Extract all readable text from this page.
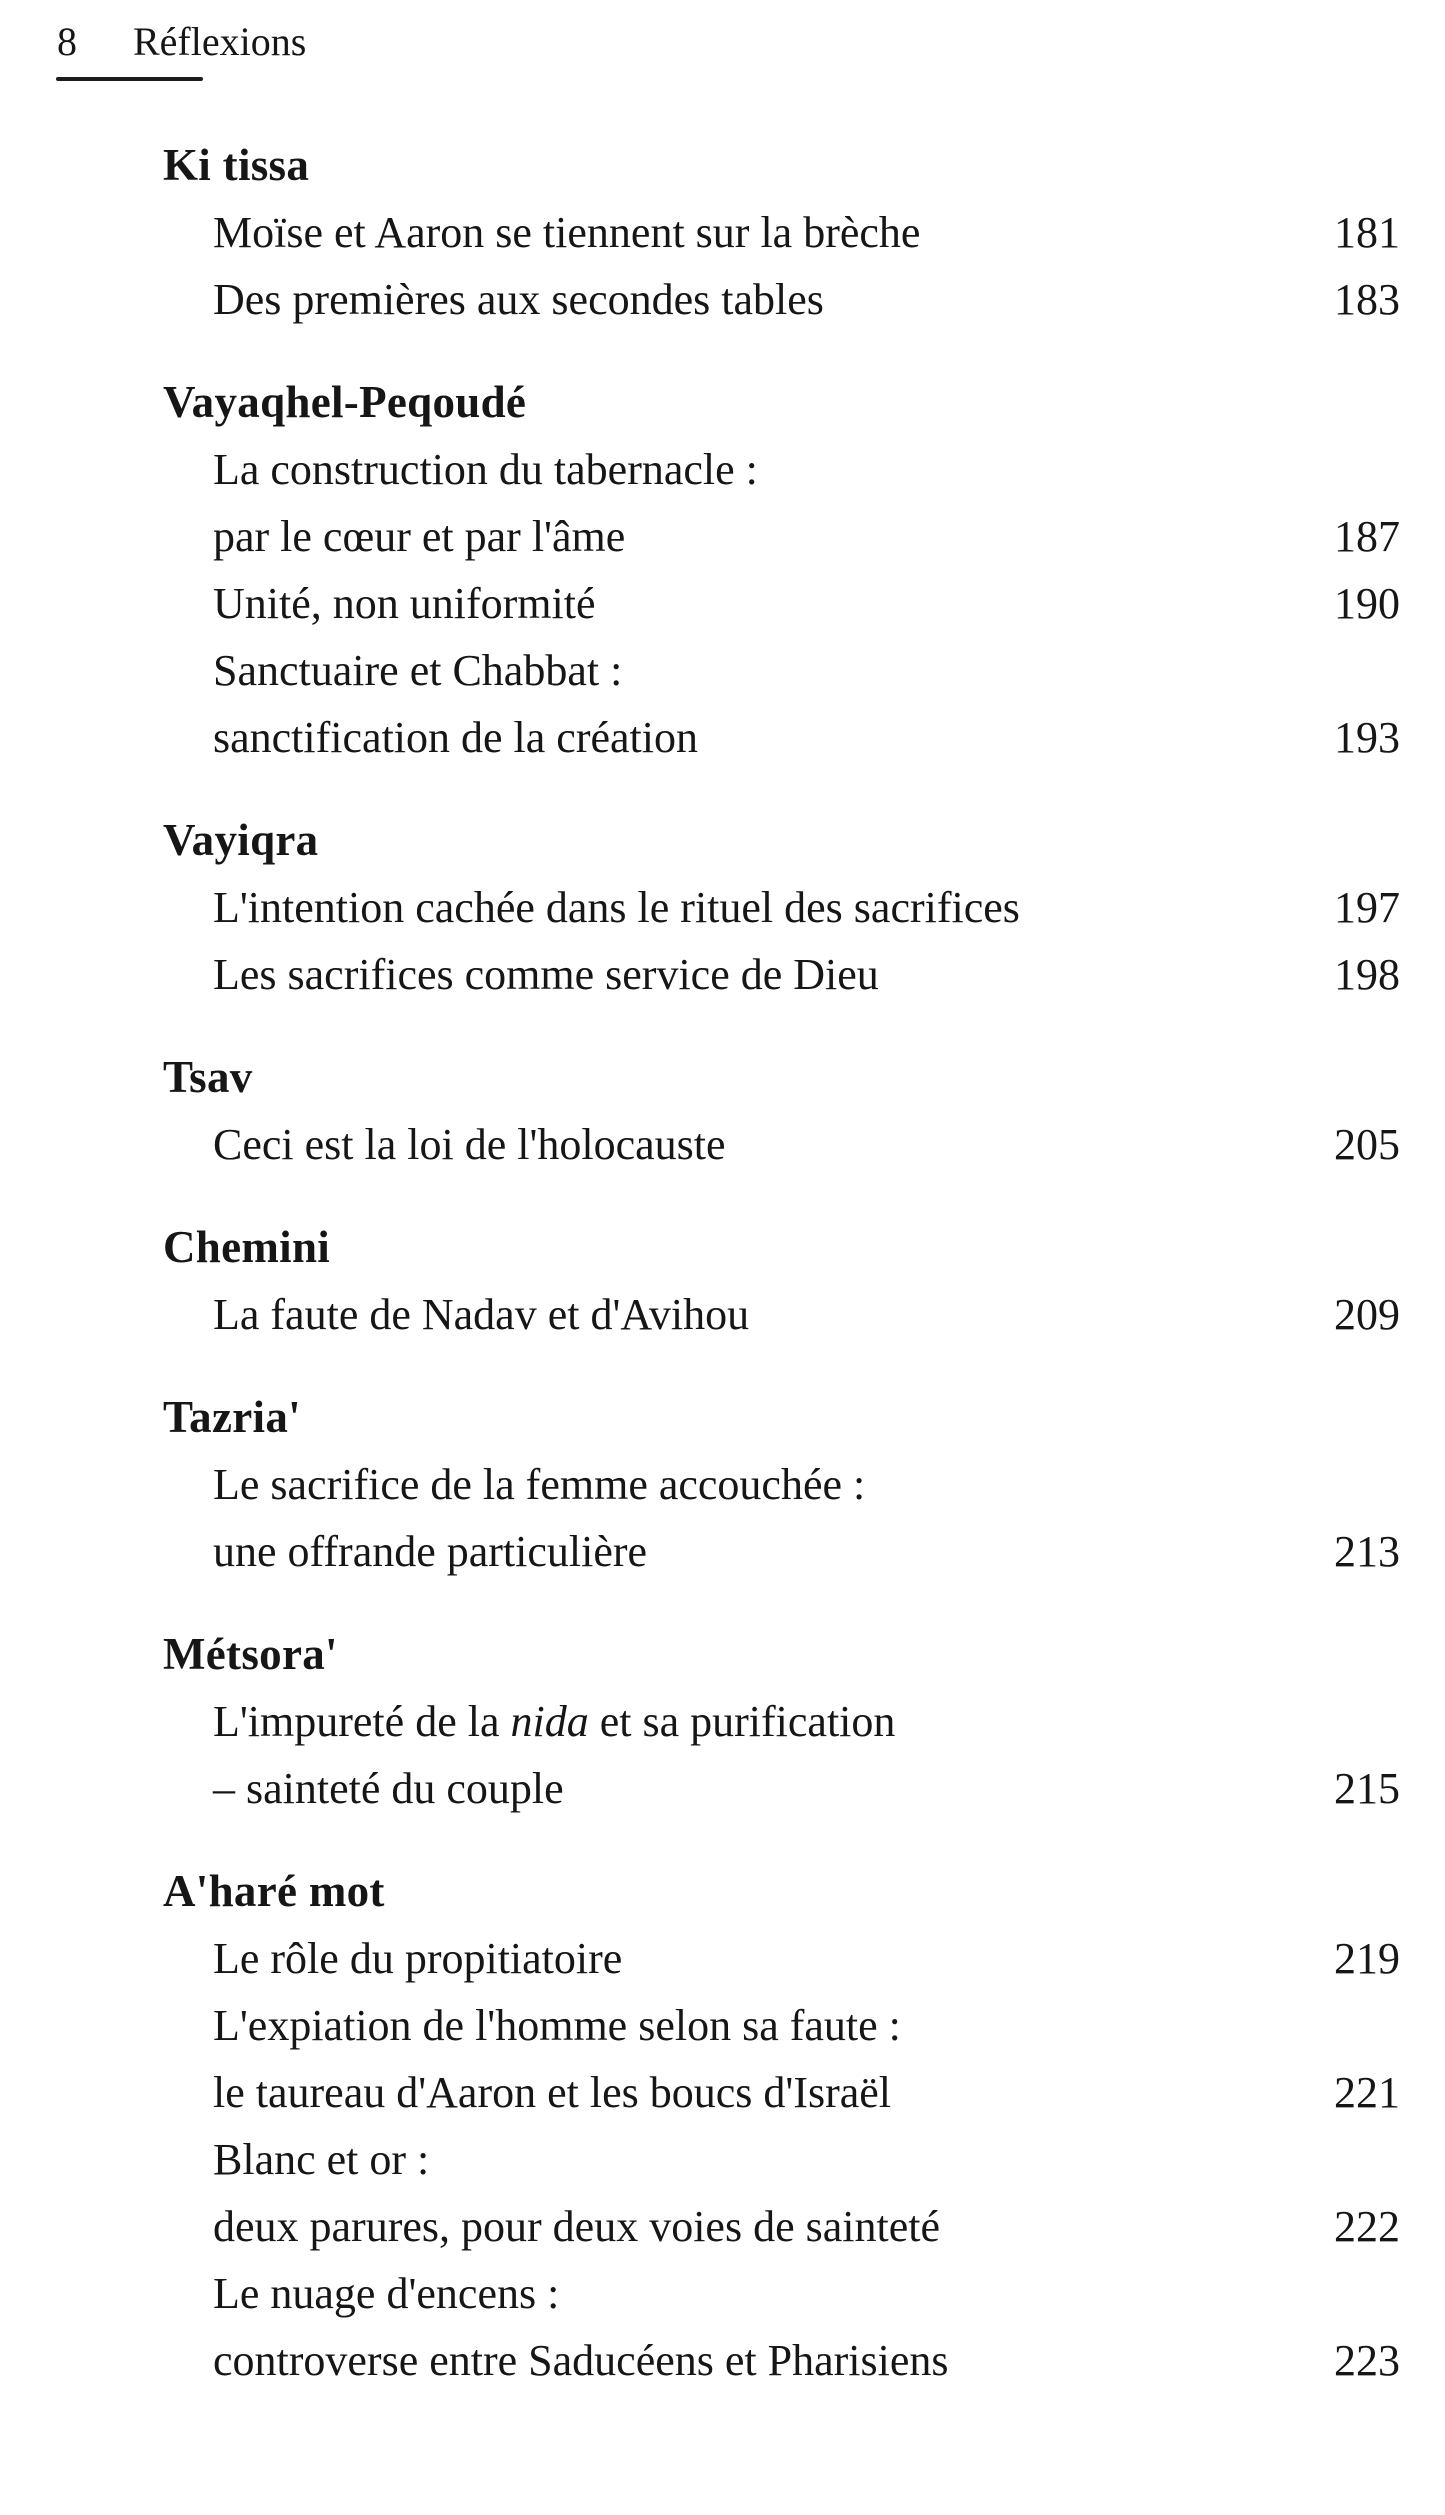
8 Réflexions
Ki tissa
Moïse et Aaron se tiennent sur la brèche	181
Des premières aux secondes tables	183
Vayaqhel-Peqoudé
La construction du tabernacle :
par le cœur et par l'âme	187
Unité, non uniformité	190
Sanctuaire et Chabbat :
sanctification de la création	193
Vayiqra
L'intention cachée dans le rituel des sacrifices	197
Les sacrifices comme service de Dieu	198
Tsav
Ceci est la loi de l'holocauste	205
Chemini
La faute de Nadav et d'Avihou	209
Tazria'
Le sacrifice de la femme accouchée :
une offrande particulière	213
Métsora'
L'impureté de la nida et sa purification
– sainteté du couple	215
A'haré mot
Le rôle du propitiatoire	219
L'expiation de l'homme selon sa faute :
le taureau d'Aaron et les boucs d'Israël	221
Blanc et or :
deux parures, pour deux voies de sainteté	222
Le nuage d'encens :
controverse entre Saducéens et Pharisiens	223
